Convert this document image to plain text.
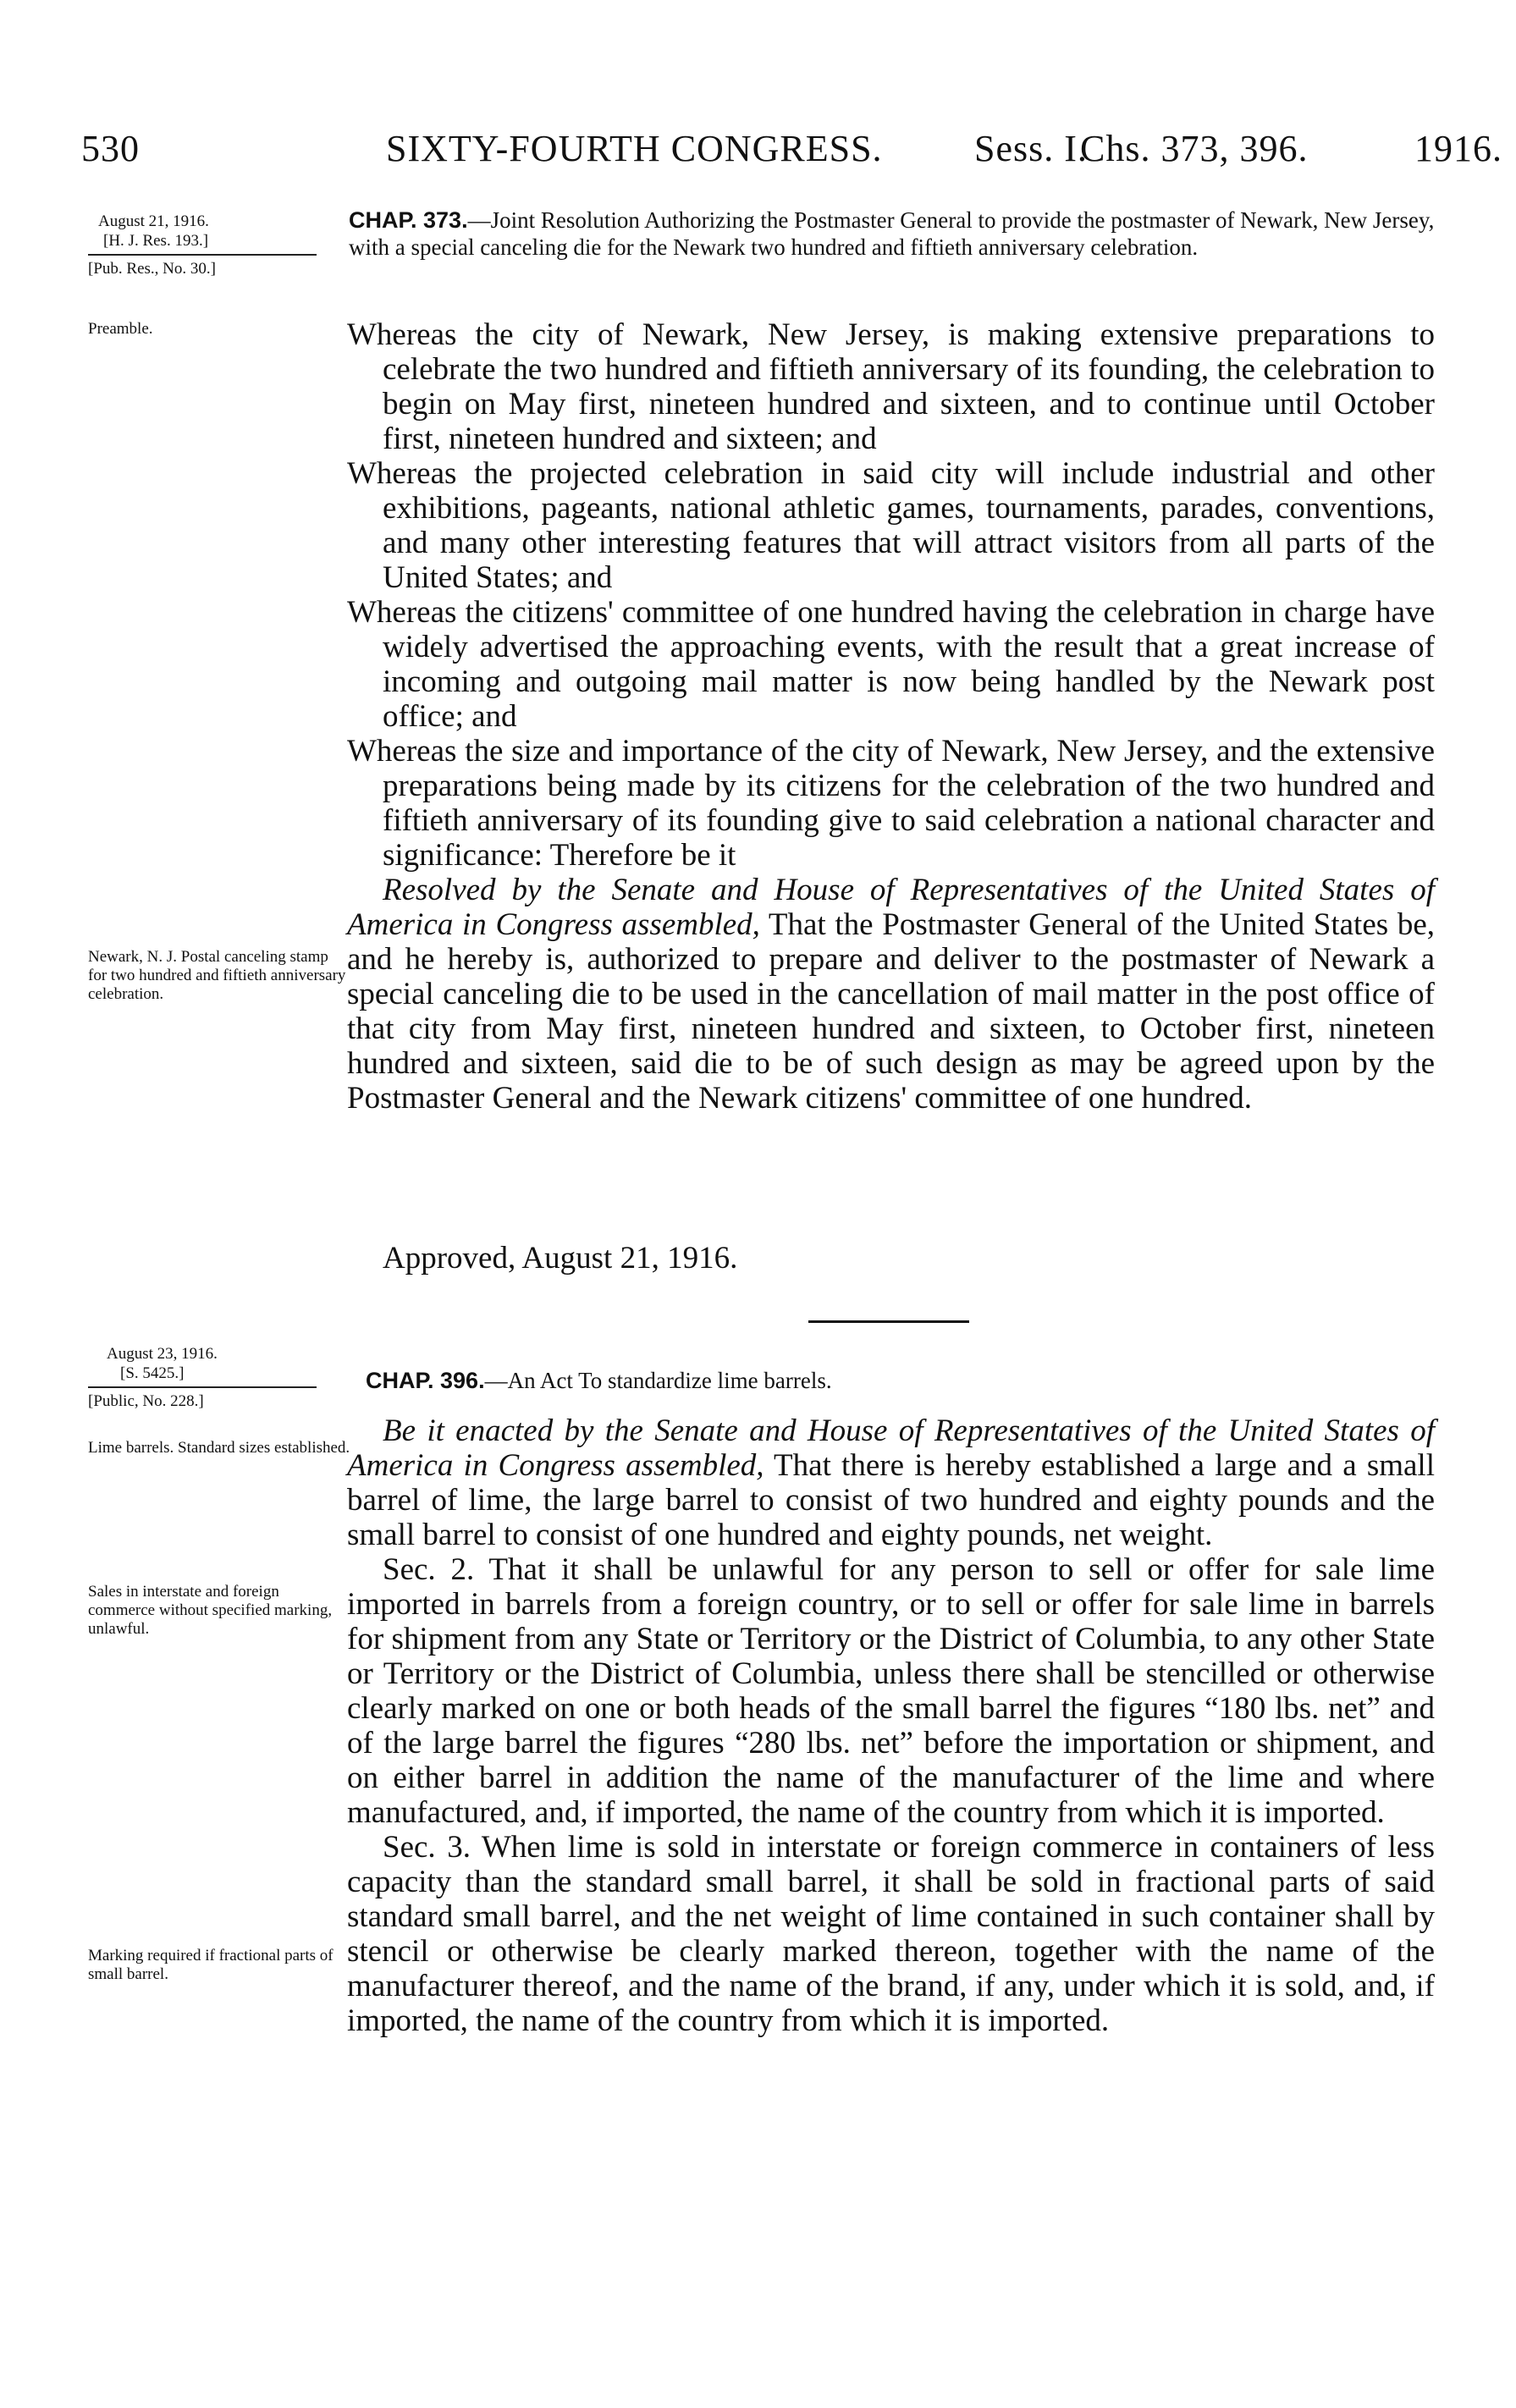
530	SIXTY-FOURTH CONGRESS. Sess. I.
Chs. 373, 396.	1916.
August 21, 1916.
[H. J. Res. 193.]
[Pub. Res., No. 30.]
Preamble.
Newark, N. J. Postal canceling stamp for two hundred and fiftieth anniversary celebration.
CHAP. 373.—Joint Resolution Authorizing the Postmaster General to provide the postmaster of Newark, New Jersey, with a special canceling die for the Newark two hundred and fiftieth anniversary celebration.

Whereas the city of Newark, New Jersey, is making extensive preparations to celebrate the two hundred and fiftieth anniversary of its founding, the celebration to begin on May first, nineteen hundred and sixteen, and to continue until October first, nineteen hundred and sixteen; and

Whereas the projected celebration in said city will include industrial and other exhibitions, pageants, national athletic games, tournaments, parades, conventions, and many other interesting features that will attract visitors from all parts of the United States; and

Whereas the citizens' committee of one hundred having the celebration in charge have widely advertised the approaching events, with the result that a great increase of incoming and outgoing mail matter is now being handled by the Newark post office; and

Whereas the size and importance of the city of Newark, New Jersey, and the extensive preparations being made by its citizens for the celebration of the two hundred and fiftieth anniversary of its founding give to said celebration a national character and significance: Therefore be it

Resolved by the Senate and House of Representatives of the United States of America in Congress assembled, That the Postmaster General of the United States be, and he hereby is, authorized to prepare and deliver to the postmaster of Newark a special canceling die to be used in the cancellation of mail matter in the post office of that city from May first, nineteen hundred and sixteen, to October first, nineteen hundred and sixteen, said die to be of such design as may be agreed upon by the Postmaster General and the Newark citizens' committee of one hundred.

Approved, August 21, 1916.
August 23, 1916.
[S. 5425.]
[Public, No. 228.]
Lime barrels. Standard sizes established.
Sales in interstate and foreign commerce without specified marking, unlawful.
Marking required if fractional parts of small barrel.
CHAP. 396.—An Act To standardize lime barrels.

Be it enacted by the Senate and House of Representatives of the United States of America in Congress assembled, That there is hereby established a large and a small barrel of lime, the large barrel to consist of two hundred and eighty pounds and the small barrel to consist of one hundred and eighty pounds, net weight.

Sec. 2. That it shall be unlawful for any person to sell or offer for sale lime imported in barrels from a foreign country, or to sell or offer for sale lime in barrels for shipment from any State or Territory or the District of Columbia, to any other State or Territory or the District of Columbia, unless there shall be stencilled or otherwise clearly marked on one or both heads of the small barrel the figures “180 lbs. net” and of the large barrel the figures “280 lbs. net” before the importation or shipment, and on either barrel in addition the name of the manufacturer of the lime and where manufactured, and, if imported, the name of the country from which it is imported.

Sec. 3. When lime is sold in interstate or foreign commerce in containers of less capacity than the standard small barrel, it shall be sold in fractional parts of said standard small barrel, and the net weight of lime contained in such container shall by stencil or otherwise be clearly marked thereon, together with the name of the manufacturer thereof, and the name of the brand, if any, under which it is sold, and, if imported, the name of the country from which it is imported.
